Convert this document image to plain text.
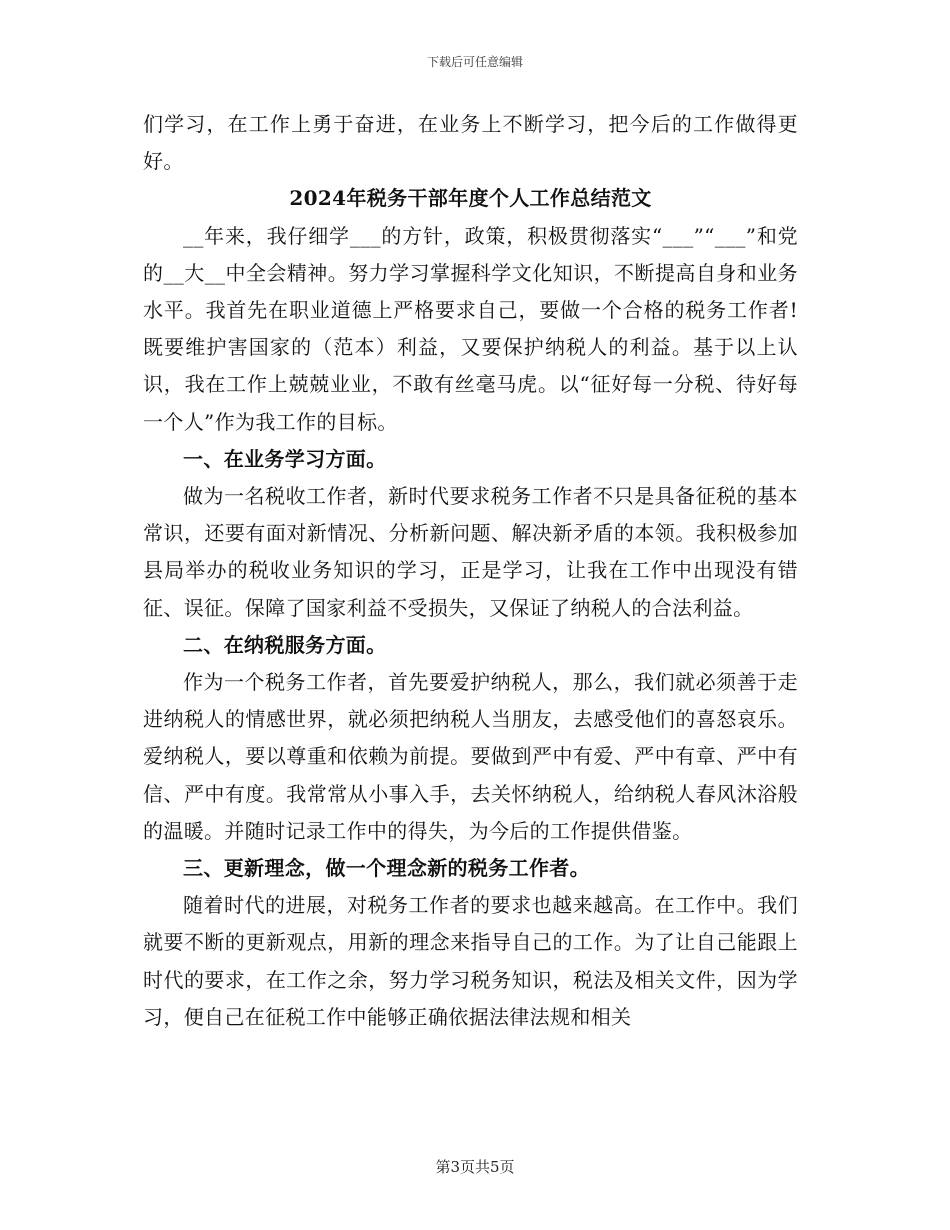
下载后可任意编辑

们学习，在工作上勇于奋进，在业务上不断学习，把今后的工作做得更好。

2024年税务干部年度个人工作总结范文

__年来，我仔细学___的方针，政策，积极贯彻落实“___”“___”和党的__大__中全会精神。努力学习掌握科学文化知识，不断提高自身和业务水平。我首先在职业道德上严格要求自己，要做一个合格的税务工作者!既要维护害国家的（范本）利益，又要保护纳税人的利益。基于以上认识，我在工作上兢兢业业，不敢有丝毫马虎。以“征好每一分税、待好每一个人”作为我工作的目标。

一、在业务学习方面。

做为一名税收工作者，新时代要求税务工作者不只是具备征税的基本常识，还要有面对新情况、分析新问题、解决新矛盾的本领。我积极参加县局举办的税收业务知识的学习，正是学习，让我在工作中出现没有错征、误征。保障了国家利益不受损失，又保证了纳税人的合法利益。

二、在纳税服务方面。

作为一个税务工作者，首先要爱护纳税人，那么，我们就必须善于走进纳税人的情感世界，就必须把纳税人当朋友，去感受他们的喜怒哀乐。爱纳税人，要以尊重和依赖为前提。要做到严中有爱、严中有章、严中有信、严中有度。我常常从小事入手，去关怀纳税人，给纳税人春风沐浴般的温暖。并随时记录工作中的得失，为今后的工作提供借鉴。

三、更新理念，做一个理念新的税务工作者。

随着时代的进展，对税务工作者的要求也越来越高。在工作中。我们就要不断的更新观点，用新的理念来指导自己的工作。为了让自己能跟上时代的要求，在工作之余，努力学习税务知识，税法及相关文件，因为学习，便自己在征税工作中能够正确依据法律法规和相关

第3页共5页
